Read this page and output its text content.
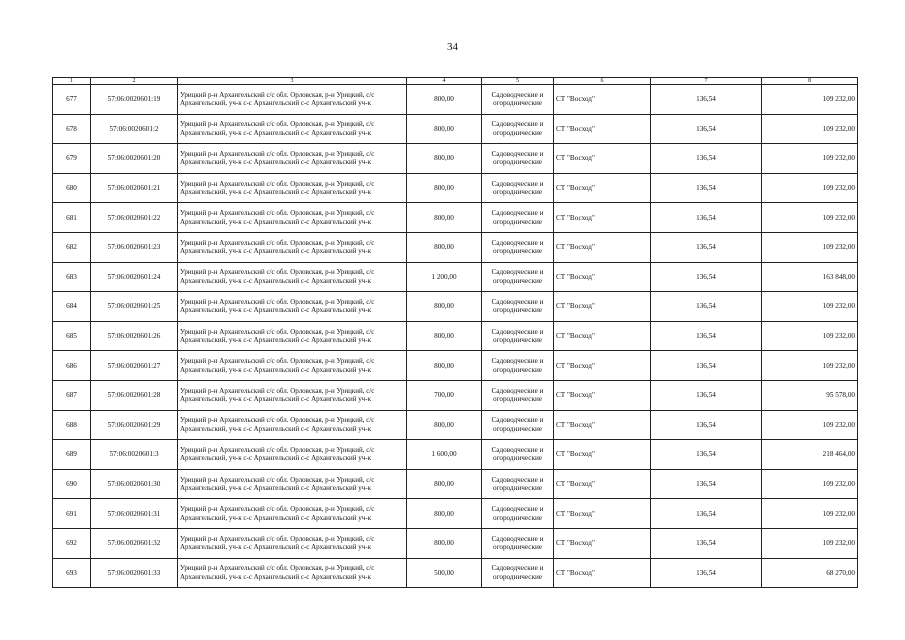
34
1	2	3	4	5	6	7	8
677	57:06:0020601:19	Урицкий р-н Архангельский с/с обл. Орловская, р-н Урицкий, с/с
Архангельский, уч-к с-с Архангельский с-с Архангельский уч-к	800,00	Садоводческие и
огороднические	СТ "Восход"	136,54	109 232,00
678	57:06:0020601:2	Урицкий р-н Архангельский с/с обл. Орловская, р-н Урицкий, с/с
Архангельский, уч-к с-с Архангельский с-с Архангельский уч-к	800,00	Садоводческие и
огороднические	СТ "Восход"	136,54	109 232,00
679	57:06:0020601:20	Урицкий р-н Архангельский с/с обл. Орловская, р-н Урицкий, с/с
Архангельский, уч-к с-с Архангельский с-с Архангельский уч-к	800,00	Садоводческие и
огороднические	СТ "Восход"	136,54	109 232,00
680	57:06:0020601:21	Урицкий р-н Архангельский с/с обл. Орловская, р-н Урицкий, с/с
Архангельский, уч-к с-с Архангельский с-с Архангельский уч-к	800,00	Садоводческие и
огороднические	СТ "Восход"	136,54	109 232,00
681	57:06:0020601:22	Урицкий р-н Архангельский с/с обл. Орловская, р-н Урицкий, с/с
Архангельский, уч-к с-с Архангельский с-с Архангельский уч-к	800,00	Садоводческие и
огороднические	СТ "Восход"	136,54	109 232,00
682	57:06:0020601:23	Урицкий р-н Архангельский с/с обл. Орловская, р-н Урицкий, с/с
Архангельский, уч-к с-с Архангельский с-с Архангельский уч-к	800,00	Садоводческие и
огороднические	СТ "Восход"	136,54	109 232,00
683	57:06:0020601:24	Урицкий р-н Архангельский с/с обл. Орловская, р-н Урицкий, с/с
Архангельский, уч-к с-с Архангельский с-с Архангельский уч-к	1 200,00	Садоводческие и
огороднические	СТ "Восход"	136,54	163 848,00
684	57:06:0020601:25	Урицкий р-н Архангельский с/с обл. Орловская, р-н Урицкий, с/с
Архангельский, уч-к с-с Архангельский с-с Архангельский уч-к	800,00	Садоводческие и
огороднические	СТ "Восход"	136,54	109 232,00
685	57:06:0020601:26	Урицкий р-н Архангельский с/с обл. Орловская, р-н Урицкий, с/с
Архангельский, уч-к с-с Архангельский с-с Архангельский уч-к	800,00	Садоводческие и
огороднические	СТ "Восход"	136,54	109 232,00
686	57:06:0020601:27	Урицкий р-н Архангельский с/с обл. Орловская, р-н Урицкий, с/с
Архангельский, уч-к с-с Архангельский с-с Архангельский уч-к	800,00	Садоводческие и
огороднические	СТ "Восход"	136,54	109 232,00
687	57:06:0020601:28	Урицкий р-н Архангельский с/с обл. Орловская, р-н Урицкий, с/с
Архангельский, уч-к с-с Архангельский с-с Архангельский уч-к	700,00	Садоводческие и
огороднические	СТ "Восход"	136,54	95 578,00
688	57:06:0020601:29	Урицкий р-н Архангельский с/с обл. Орловская, р-н Урицкий, с/с
Архангельский, уч-к с-с Архангельский с-с Архангельский уч-к	800,00	Садоводческие и
огороднические	СТ "Восход"	136,54	109 232,00
689	57:06:0020601:3	Урицкий р-н Архангельский с/с обл. Орловская, р-н Урицкий, с/с
Архангельский, уч-к с-с Архангельский с-с Архангельский уч-к	1 600,00	Садоводческие и
огороднические	СТ "Восход"	136,54	218 464,00
690	57:06:0020601:30	Урицкий р-н Архангельский с/с обл. Орловская, р-н Урицкий, с/с
Архангельский, уч-к с-с Архангельский с-с Архангельский уч-к	800,00	Садоводческие и
огороднические	СТ "Восход"	136,54	109 232,00
691	57:06:0020601:31	Урицкий р-н Архангельский с/с обл. Орловская, р-н Урицкий, с/с
Архангельский, уч-к с-с Архангельский с-с Архангельский уч-к	800,00	Садоводческие и
огороднические	СТ "Восход"	136,54	109 232,00
692	57:06:0020601:32	Урицкий р-н Архангельский с/с обл. Орловская, р-н Урицкий, с/с
Архангельский, уч-к с-с Архангельский с-с Архангельский уч-к	800,00	Садоводческие и
огороднические	СТ "Восход"	136,54	109 232,00
693	57:06:0020601:33	Урицкий р-н Архангельский с/с обл. Орловская, р-н Урицкий, с/с
Архангельский, уч-к с-с Архангельский с-с Архангельский уч-к	500,00	Садоводческие и
огороднические	СТ "Восход"	136,54	68 270,00
